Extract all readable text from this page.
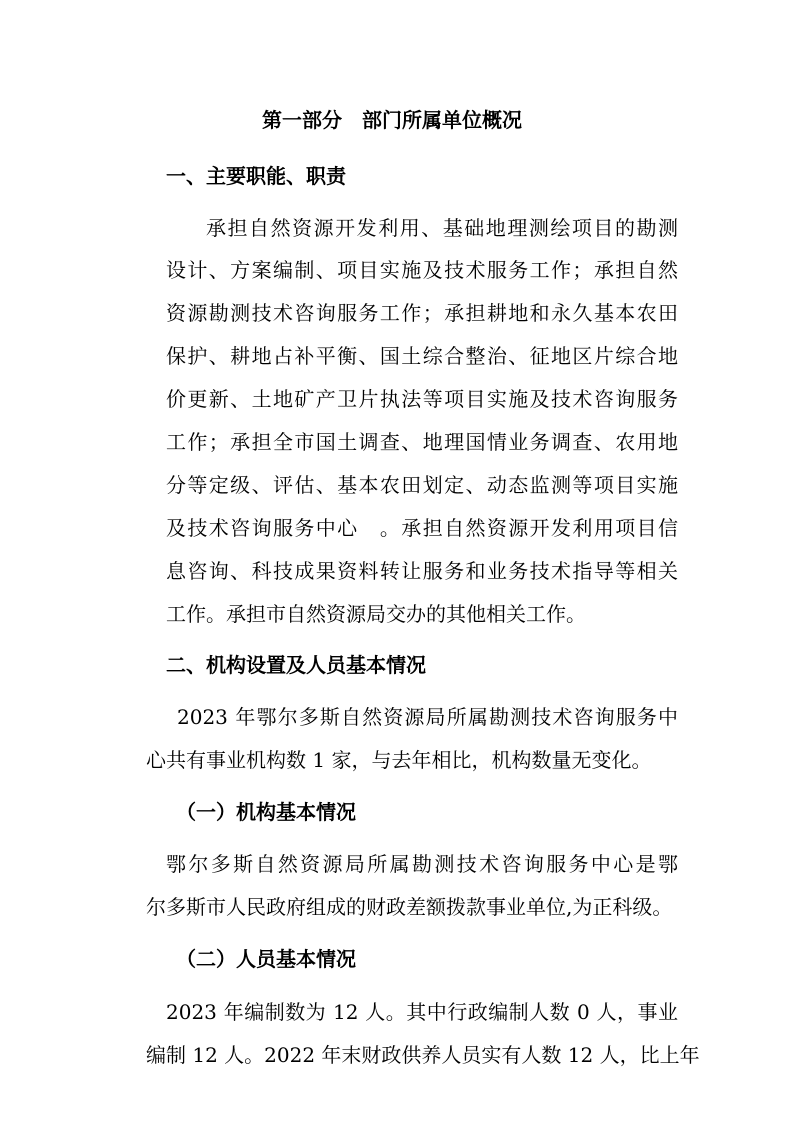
第一部分　部门所属单位概况
一、主要职能、职责
承担自然资源开发利用、基础地理测绘项目的勘测
设计、方案编制、项目实施及技术服务工作；承担自然
资源勘测技术咨询服务工作；承担耕地和永久基本农田
保护、耕地占补平衡、国土综合整治、征地区片综合地
价更新、土地矿产卫片执法等项目实施及技术咨询服务
工作；承担全市国土调查、地理国情业务调查、农用地
分等定级、评估、基本农田划定、动态监测等项目实施
及技术咨询服务中心　。承担自然资源开发利用项目信
息咨询、科技成果资料转让服务和业务技术指导等相关
工作。承担市自然资源局交办的其他相关工作。
二、机构设置及人员基本情况
2023 年鄂尔多斯自然资源局所属勘测技术咨询服务中
心共有事业机构数 1 家，与去年相比，机构数量无变化。
（一）机构基本情况
鄂尔多斯自然资源局所属勘测技术咨询服务中心是鄂
尔多斯市人民政府组成的财政差额拨款事业单位,为正科级。
（二）人员基本情况
2023 年编制数为 12 人。其中行政编制人数 0 人，事业
编制 12 人。2022 年末财政供养人员实有人数 12 人，比上年
